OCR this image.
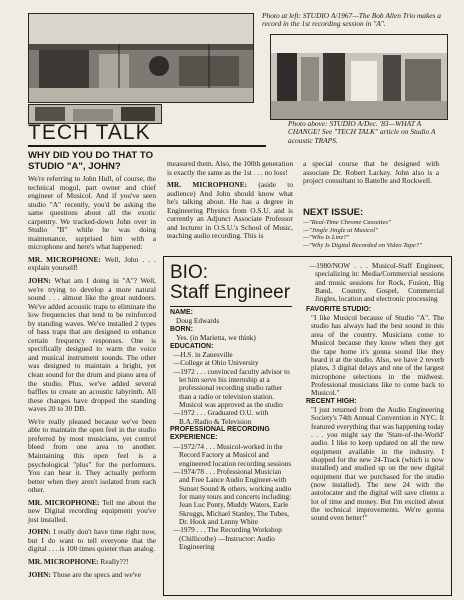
Photo at left: STUDIO A/1967—The Bob Allen Trio makes a record in the 1st recording session in "A".
TECH TALK	Photo above: STUDIO A/Dec. '83—WHAT A CHANGE! See "TECH TALK" article on Studio A acoustic TRAPS.
WHY DID YOU DO THAT TO STUDIO "A", JOHN?

We're referring to John Hull, of course, the technical mogul, part owner and chief engineer of Musicol. And if you've seen studio "A" recently, you'd be asking the same questions about all the exotic carpentry. We tracked-down John over in Studio "B" while he was doing maintenance, surprised him with a microphone and here's what happened:

MR. MICROPHONE: Well, John . . . explain yourself!

JOHN: What am I doing in "A"? Well, we're trying to develop a more natural sound . . . almost like the great outdoors. We've added acoustic traps to eliminate the low frequencies that tend to be reinforced by standing waves. We've installed 2 types of bass traps that are designed to enhance certain frequency responses. One is specifically designed to warm the voice and musical instrument sounds. The other was designed to maintain a bright, yet clean sound for the drum and piano area of the studio. Plus, we've added several baffles to create an acoustic labyrinth. All these changes have dropped the standing waves 20 to 30 DB.

We're really pleased because we've been able to maintain the open feel in the studio preferred by most musicians, yet control bleed from one area to another. Maintaining this open feel is a psychological "plus" for the performers. You can hear it. They actually perform better when they aren't isolated from each other.

MR. MICROPHONE: Tell me about the new Digital recording equipment you've just installed.

JOHN: I really don't have time right now, but I do want to tell everyone that the digital . . . is 100 times quieter than analog.

MR. MICROPHONE: Really??!

JOHN: Those are the specs and we've

measured them. Also, the 100th generation is exactly the same as the 1st . . . no loss!

MR. MICROPHONE: (aside to audience) And John should know what he's talking about. He has a degree in Engineering Physics from O.S.U. and is currently an Adjunct Associate Professor and lecturer in O.S.U.'s School of Music, teaching audio recording. This is

a special course that he designed with associate Dr. Robert Lackey. John also is a project consultant to Battelle and Rockwell.

NEXT ISSUE:
—"Real-Time Chrome Cassettes"
—"Jingle Jingle at Musicol"
—"Who Is Linz?"
—"Why Is Digital Recorded on Video Tape?"
BIO:
Staff Engineer
NAME:
Doug Edwards
BORN:
Yes. (in Marietta, we think)
EDUCATION:
—H.S. in Zanesville
—College at Ohio University
—1972 . . . convinced faculty advisor to let him serve his internship at a professional recording studio rather than a radio or television station. Musicol was approved as the studio
—1972 . . . Graduated O.U. with B.A./Radio & Television
PROFESSIONAL RECORDING EXPERIENCE:
—1972/74 . . . Musicol-worked in the Record Factory at Musicol and engineered location recording sessions
—1974/78 . . . Professional Musician and Free Lance Audio Engineer-with Sunset Sound & others, working audio for many tours and concerts including: Jean Luc Ponty, Muddy Waters, Earle Skruggs, Michael Stanley, The Tubes, Dr. Hook and Lenny White
—1979 . . . The Recording Workshop (Chillicothe) —Instructor: Audio Engineering
—1980/NOW . . . Musicol-Staff Engineer, specializing in: Media/Commercial sessions and music sessions for Rock, Fusion, Big Band, Country, Gospel, Commercial Jingles, location and electronic processing
FAVORITE STUDIO:
"I like Musicol because of Studio "A". The studio has always had the best sound in this area of the country. Musicians come to Musicol because they know when they get the tape home it's gonna sound like they heard it at the studio. Also, we have 2 reverb plates, 3 digital delays and one of the largest microphone selections in the midwest. Professional musicians like to come back to Musicol."
RECENT HIGH:
"I just returned from the Audio Engineering Society's 74th Annual Convention in NYC. It featured everything that was happening today . . . you might say the 'State-of-the-World' audio. I like to keep updated on all the new equipment available in the industry. I shopped for the new 24-Track (which is now installed) and studied up on the new digital equipment that we purchased for the studio (now installed). The new 24 with the autolocater and the digital will save clients a lot of time and money. But I'm excited about the technical improvements. We're gonna sound even better!"
